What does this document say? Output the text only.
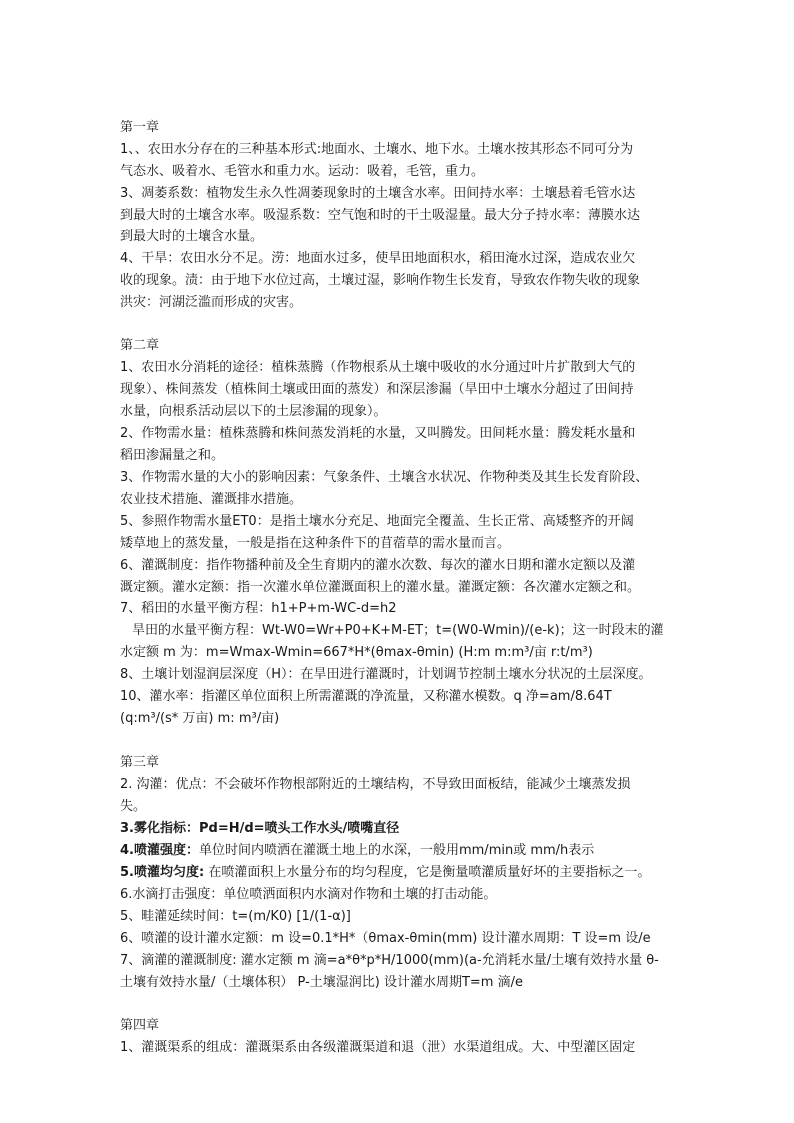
第一章
1、、农田水分存在的三种基本形式:地面水、土壤水、地下水。土壤水按其形态不同可分为
气态水、吸着水、毛管水和重力水。运动：吸着，毛管，重力。
3、凋萎系数：植物发生永久性凋萎现象时的土壤含水率。田间持水率：土壤悬着毛管水达
到最大时的土壤含水率。吸湿系数：空气饱和时的干土吸湿量。最大分子持水率：薄膜水达
到最大时的土壤含水量。
4、干旱：农田水分不足。涝：地面水过多，使旱田地面积水，稻田淹水过深，造成农业欠
收的现象。渍：由于地下水位过高，土壤过湿，影响作物生长发育，导致农作物失收的现象
洪灾：河湖泛滥而形成的灾害。
第二章
1、农田水分消耗的途径：植株蒸腾（作物根系从土壤中吸收的水分通过叶片扩散到大气的
现象）、株间蒸发（植株间土壤或田面的蒸发）和深层渗漏（旱田中土壤水分超过了田间持
水量，向根系活动层以下的土层渗漏的现象）。
2、作物需水量：植株蒸腾和株间蒸发消耗的水量，又叫腾发。田间耗水量：腾发耗水量和
稻田渗漏量之和。
3、作物需水量的大小的影响因素：气象条件、土壤含水状况、作物种类及其生长发育阶段、
农业技术措施、灌溉排水措施。
5、参照作物需水量ET0：是指土壤水分充足、地面完全覆盖、生长正常、高矮整齐的开阔
矮草地上的蒸发量，一般是指在这种条件下的苜蓿草的需水量而言。
6、灌溉制度：指作物播种前及全生育期内的灌水次数、每次的灌水日期和灌水定额以及灌
溉定额。灌水定额：指一次灌水单位灌溉面积上的灌水量。灌溉定额：各次灌水定额之和。
7、稻田的水量平衡方程：h1+P+m-WC-d=h2
旱田的水量平衡方程：Wt-W0=Wr+P0+K+M-ET；t=(W0-Wmin)/(e-k)；这一时段末的灌
水定额 m 为：m=Wmax-Wmin=667*H*(θmax-θmin) (H:m m:m³/亩 r:t/m³)
8、土壤计划湿润层深度（H）：在旱田进行灌溉时，计划调节控制土壤水分状况的土层深度。
10、灌水率：指灌区单位面积上所需灌溉的净流量，又称灌水模数。q 净=am/8.64T
(q:m³/(s* 万亩) m: m³/亩)
第三章
2. 沟灌：优点：不会破坏作物根部附近的土壤结构，不导致田面板结，能减少土壤蒸发损
失。
3.雾化指标：Pd=H/d=喷头工作水头/喷嘴直径
4.喷灌强度：单位时间内喷洒在灌溉土地上的水深，一般用mm/min或 mm/h表示
5.喷灌均匀度: 在喷灌面积上水量分布的均匀程度，它是衡量喷灌质量好坏的主要指标之一。
6.水滴打击强度：单位喷洒面积内水滴对作物和土壤的打击动能。
5、畦灌延续时间：t=(m/K0) [1/(1-α)]
6、喷灌的设计灌水定额：m 设=0.1*H*（θmax-θmin(mm) 设计灌水周期：T 设=m 设/e
7、滴灌的灌溉制度: 灌水定额 m 滴=a*θ*p*H/1000(mm)(a-允消耗水量/土壤有效持水量 θ-
土壤有效持水量/（土壤体积） P-土壤湿润比) 设计灌水周期T=m 滴/e
第四章
1、灌溉渠系的组成：灌溉渠系由各级灌溉渠道和退（泄）水渠道组成。大、中型灌区固定
